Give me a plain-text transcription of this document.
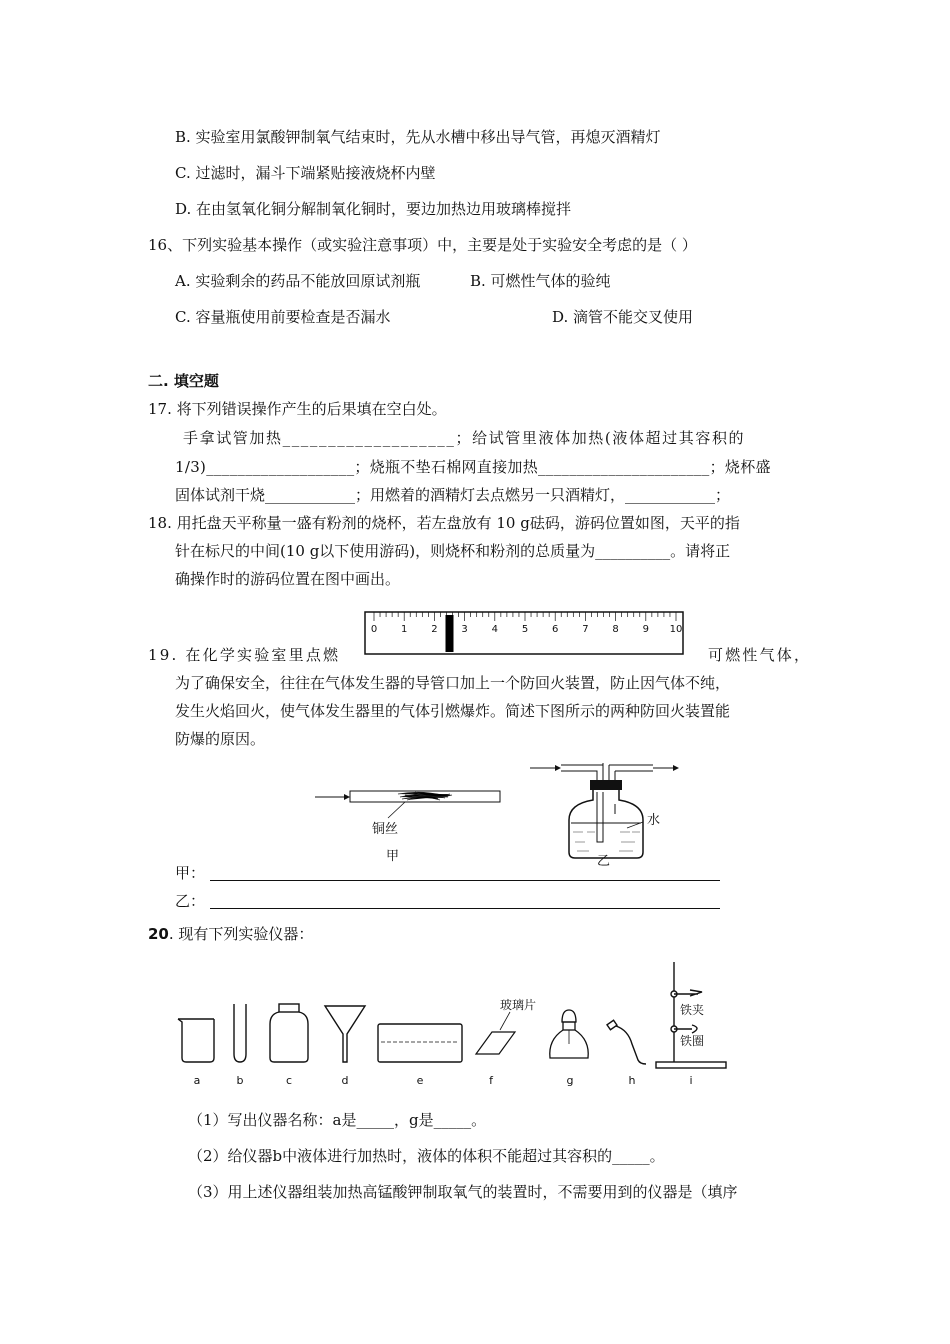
B. 实验室用氯酸钾制氧气结束时，先从水槽中移出导气管，再熄灭酒精灯
C. 过滤时，漏斗下端紧贴接液烧杯内壁
D. 在由氢氧化铜分解制氧化铜时，要边加热边用玻璃棒搅拌
16、下列实验基本操作（或实验注意事项）中，主要是处于实验安全考虑的是（ ）
A. 实验剩余的药品不能放回原试剂瓶	B. 可燃性气体的验纯
C. 容量瓶使用前要检查是否漏水	D. 滴管不能交叉使用
二. 填空题
17. 将下列错误操作产生的后果填在空白处。
手拿试管加热___________________；给试管里液体加热(液体超过其容积的
1/3)___________________；烧瓶不垫石棉网直接加热______________________；烧杯盛
固体试剂干烧____________；用燃着的酒精灯去点燃另一只酒精灯，____________；
18. 用托盘天平称量一盛有粉剂的烧杯，若左盘放有 10 g砝码，游码位置如图，天平的指
针在标尺的中间(10 g以下使用游码)，则烧杯和粉剂的总质量为__________。请将正
确操作时的游码位置在图中画出。
0 1 2 3 4 5 6 7 8 9 10
19. 在化学实验室里点燃	可燃性气体，
为了确保安全，往往在气体发生器的导管口加上一个防回火装置，防止因气体不纯，
发生火焰回火，使气体发生器里的气体引燃爆炸。简述下图所示的两种防回火装置能
防爆的原因。
铜丝
甲
水
乙
甲：
乙：
20. 现有下列实验仪器：
玻璃片	铁夹
铁圈
a	b	c	d	e	f	g	h	i
（1）写出仪器名称：a是_____，g是_____。
（2）给仪器b中液体进行加热时，液体的体积不能超过其容积的_____。
（3）用上述仪器组装加热高锰酸钾制取氧气的装置时，不需要用到的仪器是（填序
